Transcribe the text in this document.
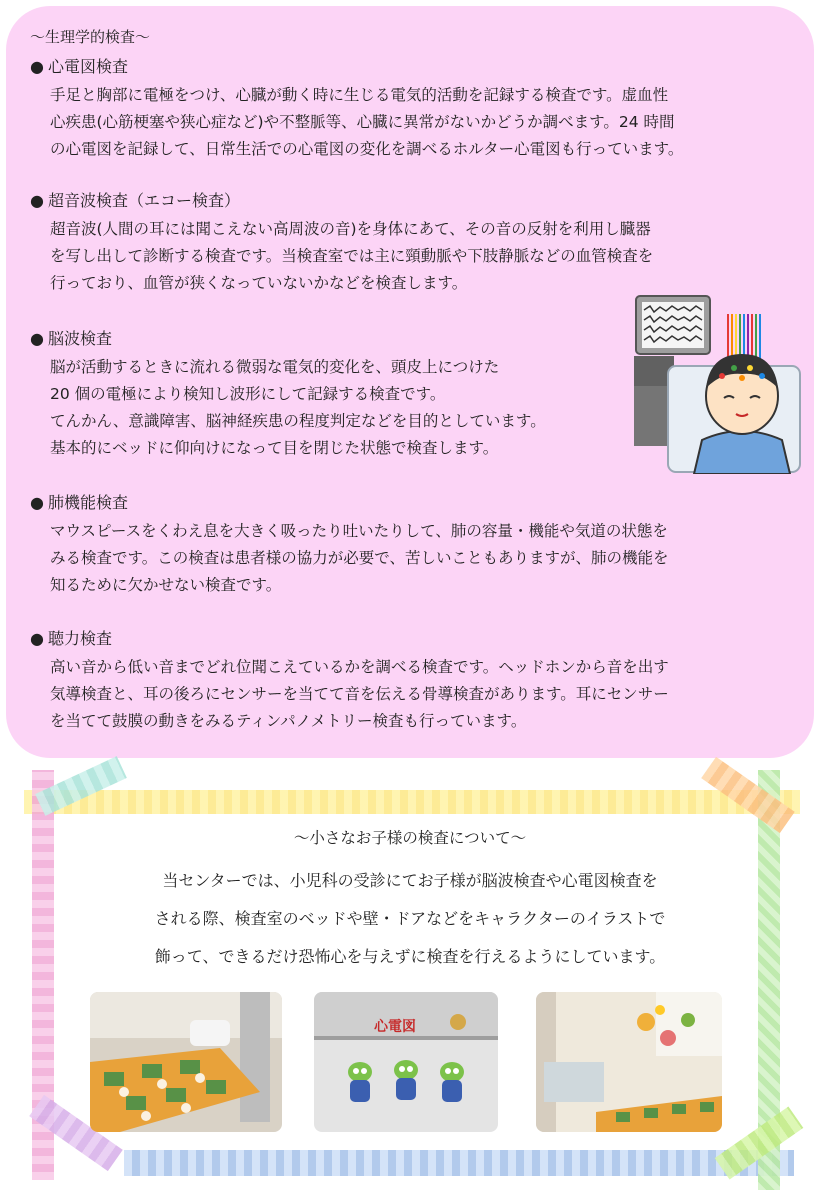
〜生理学的検査〜
● 心電図検査

手足と胸部に電極をつけ、心臓が動く時に生じる電気的活動を記録する検査です。虚血性

心疾患(心筋梗塞や狭心症など)や不整脈等、心臓に異常がないかどうか調べます。24 時間

の心電図を記録して、日常生活での心電図の変化を調べるホルター心電図も行っています。

● 超音波検査（エコー検査）

超音波(人間の耳には聞こえない高周波の音)を身体にあて、その音の反射を利用し臓器

を写し出して診断する検査です。当検査室では主に頸動脈や下肢静脈などの血管検査を

行っており、血管が狭くなっていないかなどを検査します。

● 脳波検査

脳が活動するときに流れる微弱な電気的変化を、頭皮上につけた

20 個の電極により検知し波形にして記録する検査です。

てんかん、意識障害、脳神経疾患の程度判定などを目的としています。

基本的にベッドに仰向けになって目を閉じた状態で検査します。

● 肺機能検査

マウスピースをくわえ息を大きく吸ったり吐いたりして、肺の容量・機能や気道の状態を

みる検査です。この検査は患者様の協力が必要で、苦しいこともありますが、肺の機能を

知るために欠かせない検査です。

● 聴力検査

高い音から低い音までどれ位聞こえているかを調べる検査です。ヘッドホンから音を出す

気導検査と、耳の後ろにセンサーを当てて音を伝える骨導検査があります。耳にセンサー

を当てて鼓膜の動きをみるティンパノメトリー検査も行っています。

〜小さなお子様の検査について〜

当センターでは、小児科の受診にてお子様が脳波検査や心電図検査を

される際、検査室のベッドや壁・ドアなどをキャラクターのイラストで

飾って、できるだけ恐怖心を与えずに検査を行えるようにしています。

心電図
